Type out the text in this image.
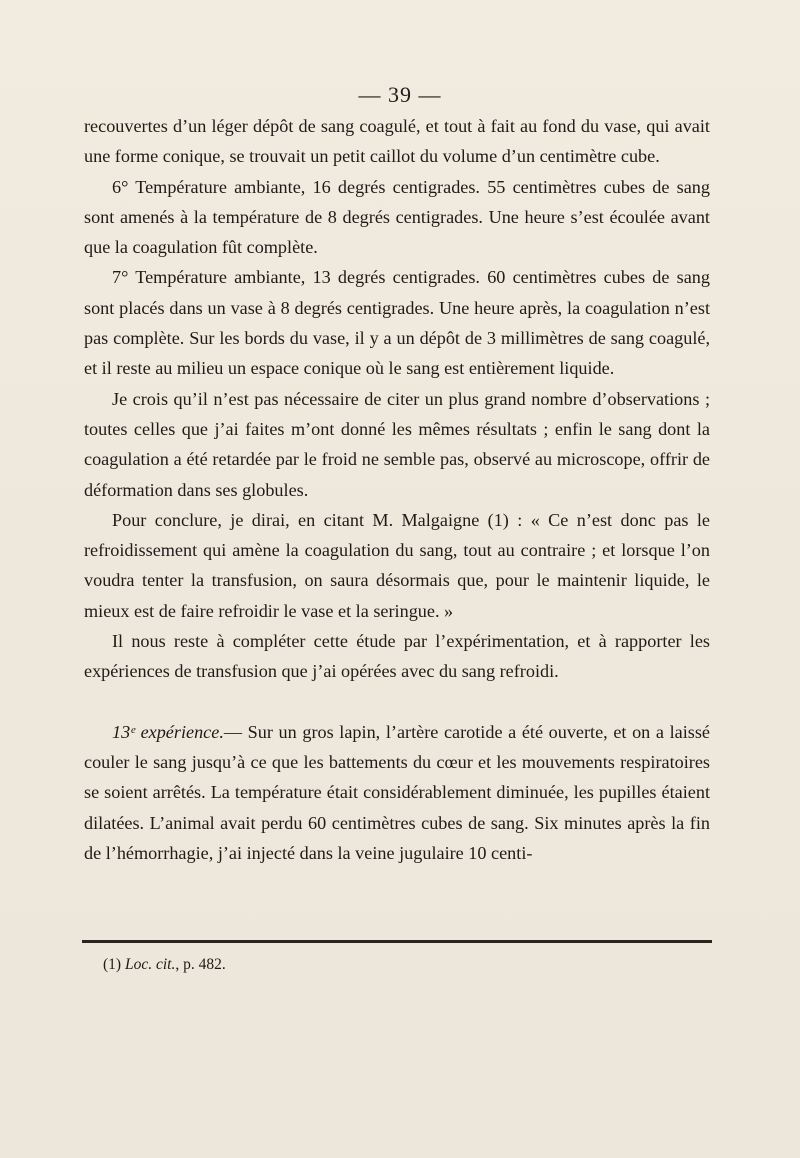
— 39 —

recouvertes d’un léger dépôt de sang coagulé, et tout à fait au fond du vase, qui avait une forme conique, se trouvait un petit caillot du volume d’un centimètre cube.

6° Température ambiante, 16 degrés centigrades. 55 centimètres cubes de sang sont amenés à la température de 8 degrés centigrades. Une heure s’est écoulée avant que la coagulation fût complète.

7° Température ambiante, 13 degrés centigrades. 60 centimètres cubes de sang sont placés dans un vase à 8 degrés centigrades. Une heure après, la coagulation n’est pas complète. Sur les bords du vase, il y a un dépôt de 3 millimètres de sang coagulé, et il reste au milieu un espace conique où le sang est entièrement liquide.

Je crois qu’il n’est pas nécessaire de citer un plus grand nombre d’observations ; toutes celles que j’ai faites m’ont donné les mêmes résultats ; enfin le sang dont la coagulation a été retardée par le froid ne semble pas, observé au microscope, offrir de déformation dans ses globules.

Pour conclure, je dirai, en citant M. Malgaigne (1) : « Ce n’est donc pas le refroidissement qui amène la coagulation du sang, tout au contraire ; et lorsque l’on voudra tenter la transfusion, on saura désormais que, pour le maintenir liquide, le mieux est de faire refroidir le vase et la seringue. »

Il nous reste à compléter cette étude par l’expérimentation, et à rapporter les expériences de transfusion que j’ai opérées avec du sang refroidi.

13ᵉ expérience.— Sur un gros lapin, l’artère carotide a été ouverte, et on a laissé couler le sang jusqu’à ce que les battements du cœur et les mouvements respiratoires se soient arrêtés. La température était considérablement diminuée, les pupilles étaient dilatées. L’animal avait perdu 60 centimètres cubes de sang. Six minutes après la fin de l’hémorrhagie, j’ai injecté dans la veine jugulaire 10 centi-

(1) Loc. cit., p. 482.
